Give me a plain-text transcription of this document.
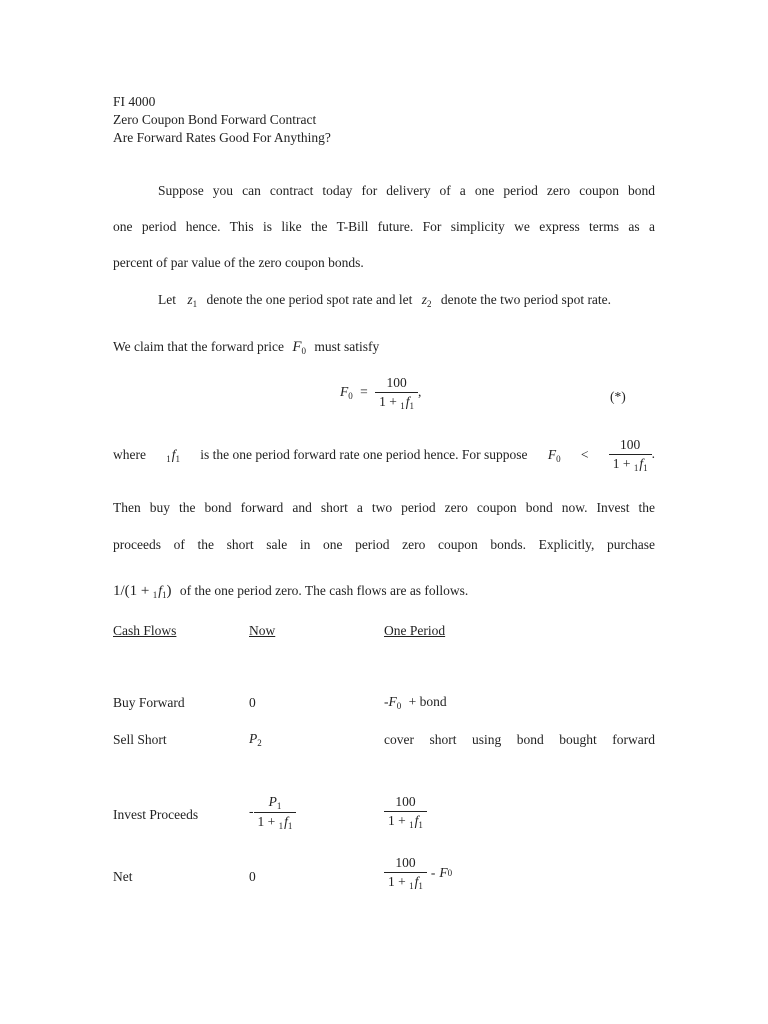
FI 4000
Zero Coupon Bond Forward Contract
Are Forward Rates Good For Anything?
Suppose you can contract today for delivery of a one period zero coupon bond
one period hence. This is like the T-Bill future. For simplicity we express terms as a
percent of par value of the zero coupon bonds.
Let $z_1$ denote the one period spot rate and let $z_2$ denote the two period spot rate.
We claim that the forward price $F_0$ must satisfy
$F_0 = \frac{100}{1 + _1f_1}$ ,	(*)
where $_1f_1$ is the one period forward rate one period hence. For suppose $F_0 < \frac{100}{1 + _1f_1}$ .
Then buy the bond forward and short a two period zero coupon bond now. Invest the
proceeds of the short sale in one period zero coupon bonds. Explicitly, purchase
$1/(1 + _1f_1)$ of the one period zero. The cash flows are as follows.
Cash Flows	Now	One Period
Buy Forward	0	$-F_0$ + bond
Sell Short	$P_2$	cover short using bond bought forward
Invest Proceeds	- $\frac{P_1}{1 + _1f_1}$	$\frac{100}{1 + _1f_1}$
Net	0	$\frac{100}{1 + _1f_1}$ - F 0
